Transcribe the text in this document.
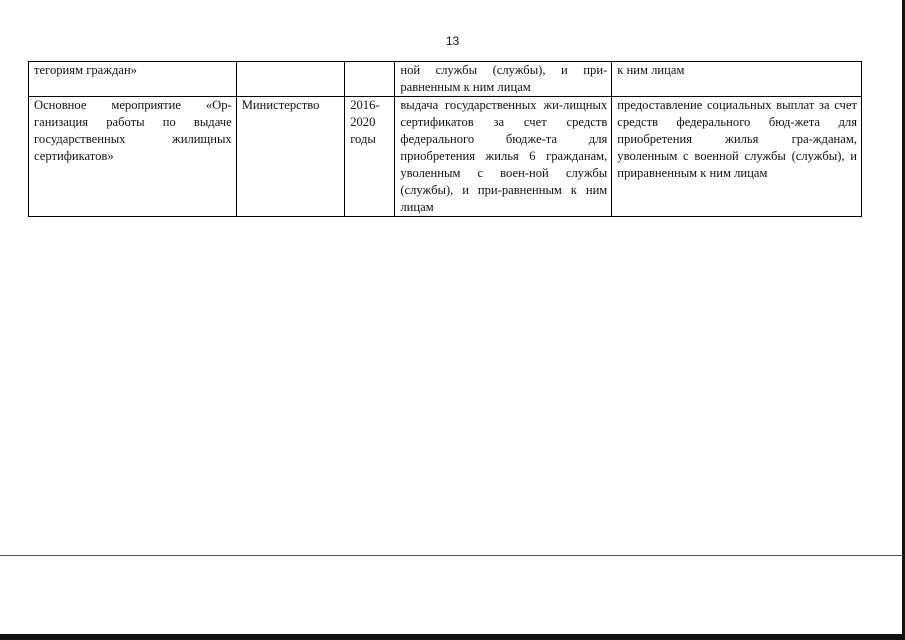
13
тегориям граждан»			ной службы (службы), и при-равненным к ним лицам	к ним лицам
Основное мероприятие «Ор-ганизация работы по выдаче государственных жилищных сертификатов»	Министерство	2016-2020 годы	выдача государственных жи-лищных сертификатов за счет средств федерального бюдже-та для приобретения жилья 6 гражданам, уволенным с воен-ной службы (службы), и при-равненным к ним лицам	предоставление социальных выплат за счет средств федерального бюд-жета для приобретения жилья гра-жданам, уволенным с военной службы (службы), и приравненным к ним лицам
